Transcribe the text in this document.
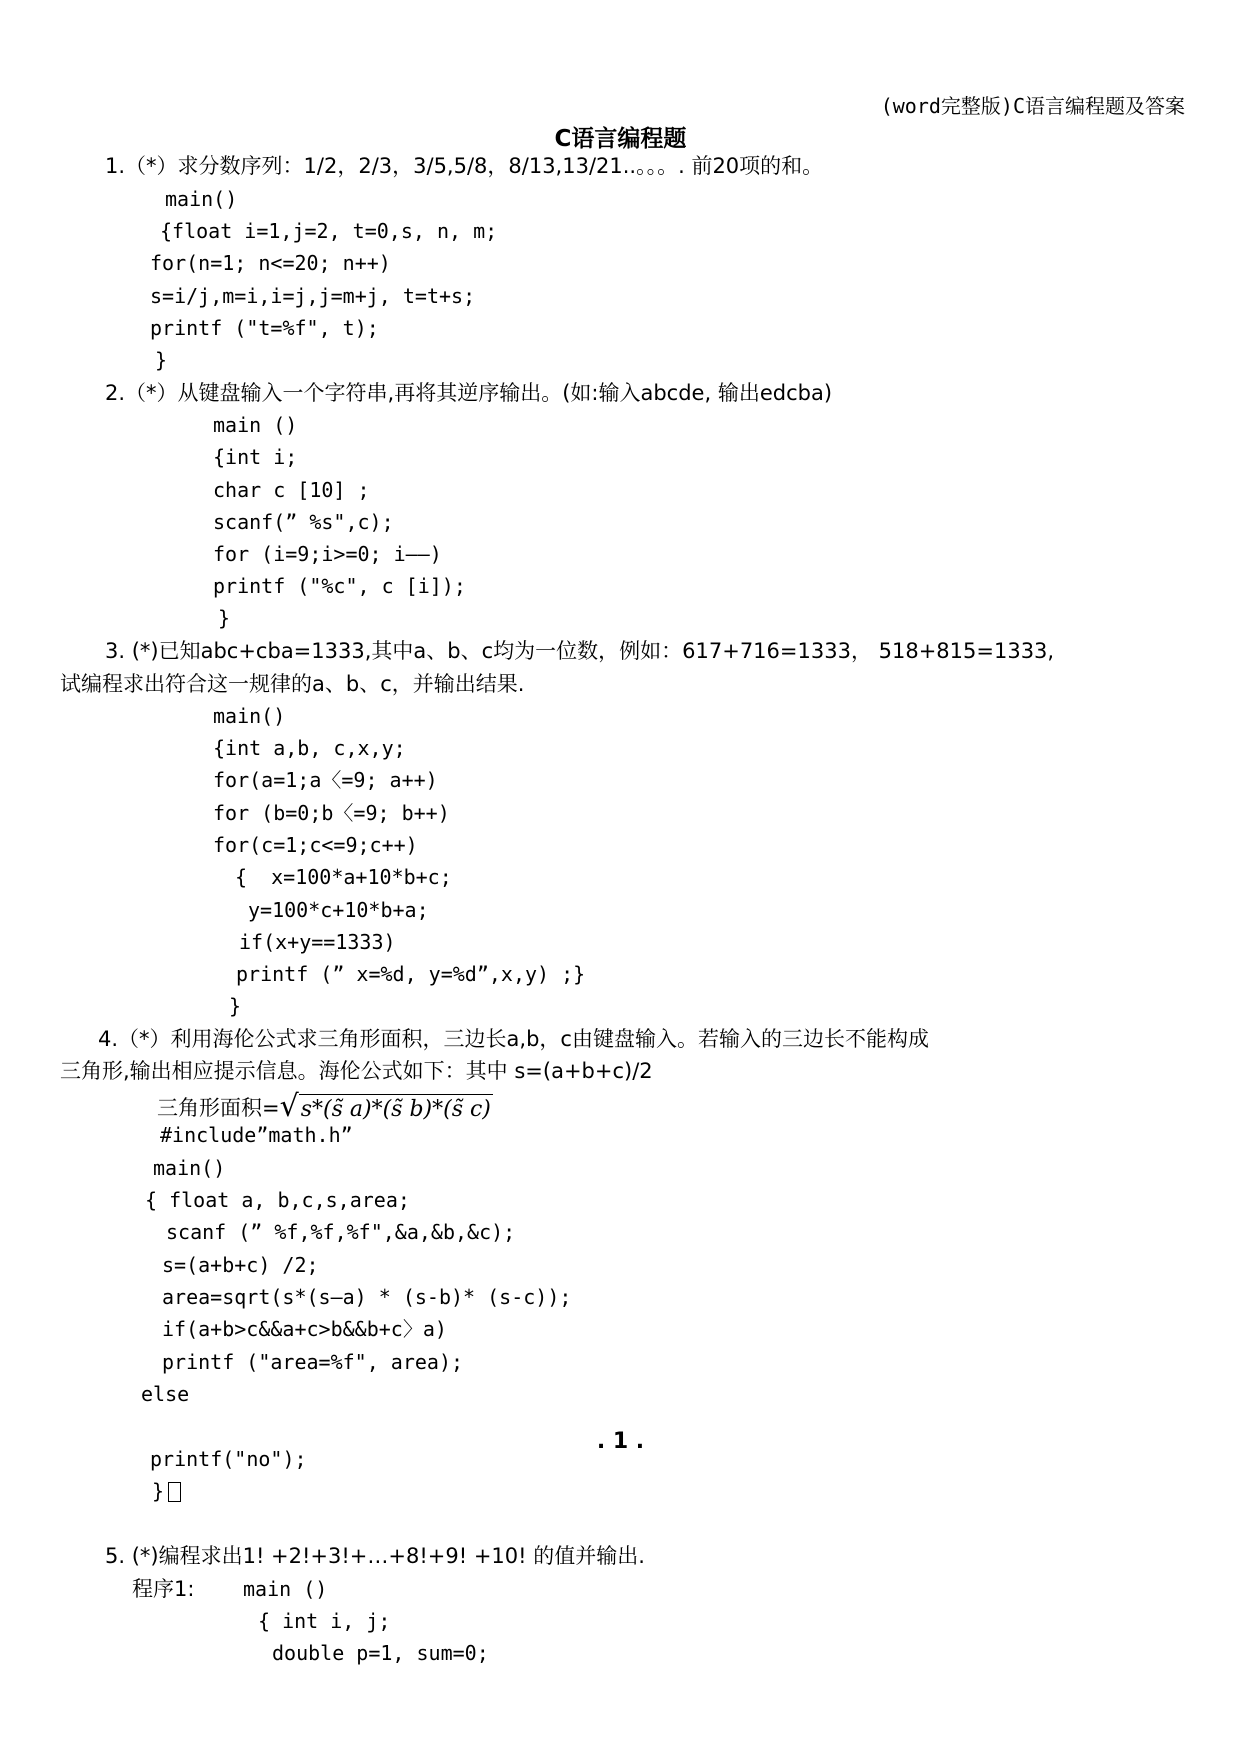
(word完整版)C语言编程题及答案
C语言编程题
1.（*）求分数序列：1/2，2/3，3/5,5/8，8/13,13/21..。。。. 前20项的和。
main()
{float i=1,j=2, t=0,s, n, m;
for(n=1; n<=20; n++)
s=i/j,m=i,i=j,j=m+j, t=t+s;
printf ("t=%f", t);
}
2.（*）从键盘输入一个字符串,再将其逆序输出。(如:输入abcde, 输出edcba)
main ()
{int i;
char c [10] ;
scanf(” %s",c);
for (i=9;i>=0; i——)
printf ("%c", c [i]);
}
3. (*)已知abc+cba=1333,其中a、b、c均为一位数，例如：617+716=1333， 518+815=1333,
试编程求出符合这一规律的a、b、c，并输出结果.
main()
{int a,b, c,x,y;
for(a=1;a〈=9; a++)
for (b=0;b〈=9; b++)
for(c=1;c<=9;c++)
{  x=100*a+10*b+c;
y=100*c+10*b+a;
if(x+y==1333)
printf (” x=%d, y=%d”,x,y) ;}
}
4.（*）利用海伦公式求三角形面积，三边长a,b，c由键盘输入。若输入的三边长不能构成
三角形,输出相应提示信息。海伦公式如下：其中 s=(a+b+c)/2
三角形面积= √ s*(s̃ a)*(s̃ b)*(s̃ c)
#include”math.h”
main()
{ float a, b,c,s,area;
scanf (” %f,%f,%f",&a,&b,&c);
s=(a+b+c) /2;
area=sqrt(s*(s—a) * (s-b)* (s-c));
if(a+b>c&&a+c>b&&b+c〉a)
printf ("area=%f", area);
else
. 1 .
printf("no");
}
5. (*)编程求出1! +2!+3!+…+8!+9! +10! 的值并输出.
程序1: main ()
{ int i, j;
double p=1, sum=0;
